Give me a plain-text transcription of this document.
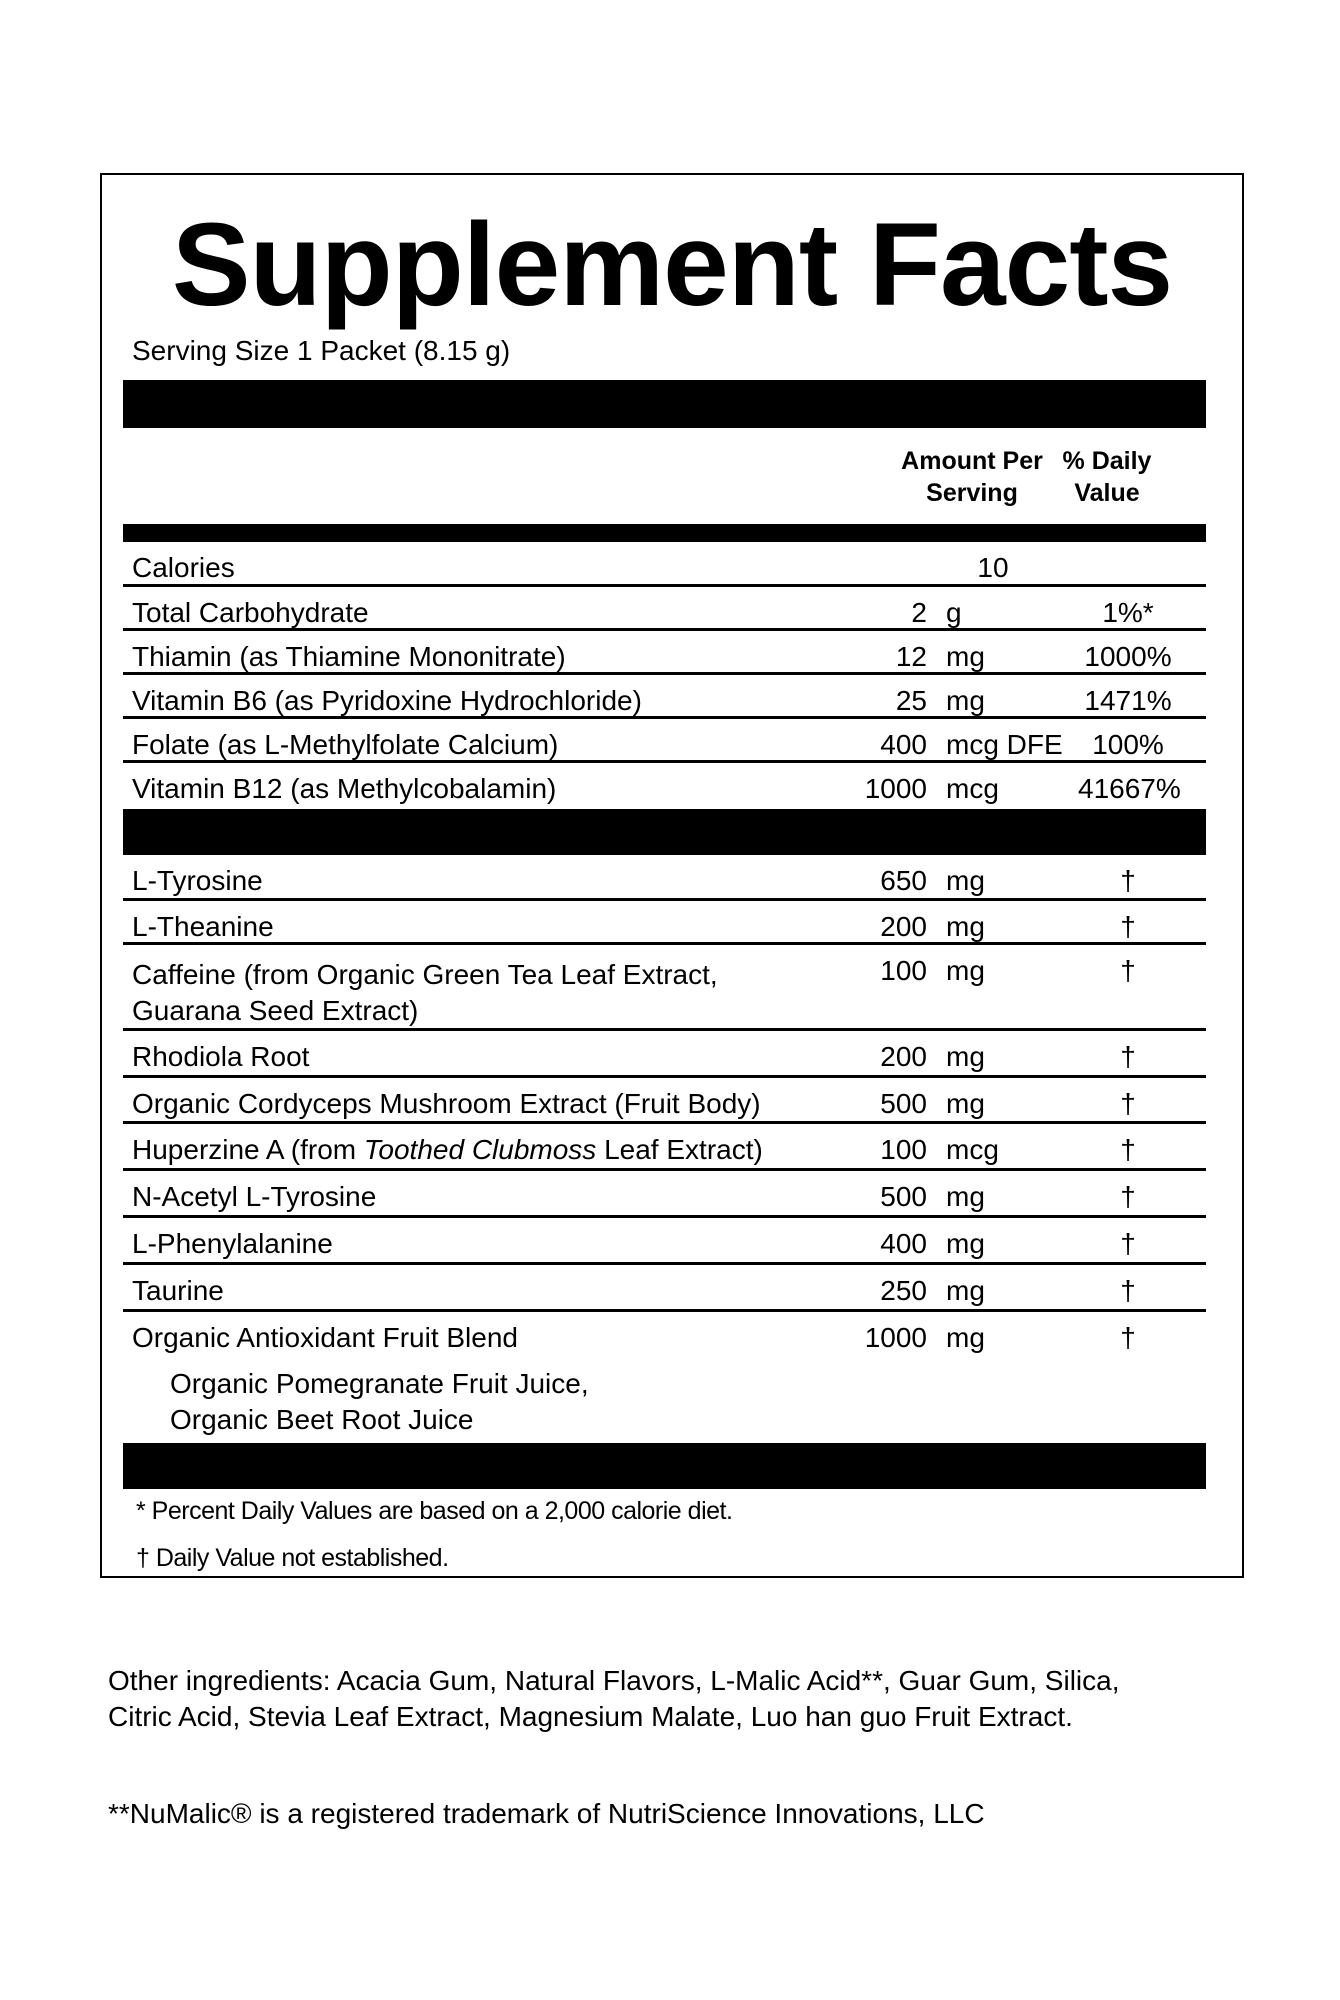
Supplement Facts
Serving Size 1 Packet (8.15 g)
Amount Per
Serving
% Daily
Value
Calories	10
Total Carbohydrate	2 g	1%*
Thiamin (as Thiamine Mononitrate)	12 mg	1000%
Vitamin B6 (as Pyridoxine Hydrochloride)	25 mg	1471%
Folate (as L-Methylfolate Calcium)	400 mcg DFE	100%
Vitamin B12 (as Methylcobalamin)	1000 mcg	41667%
L-Tyrosine	650 mg	†
L-Theanine	200 mg	†
Caffeine (from Organic Green Tea Leaf Extract,
Guarana Seed Extract)
100 mg	†
Rhodiola Root	200 mg	†
Organic Cordyceps Mushroom Extract (Fruit Body)	500 mg	†
Huperzine A (from Toothed Clubmoss Leaf Extract)	100 mcg	†
N-Acetyl L-Tyrosine	500 mg	†
L-Phenylalanine	400 mg	†
Taurine	250 mg	†
Organic Antioxidant Fruit Blend	1000 mg	†
Organic Pomegranate Fruit Juice,
Organic Beet Root Juice
* Percent Daily Values are based on a 2,000 calorie diet.
† Daily Value not established.
Other ingredients: Acacia Gum, Natural Flavors, L-Malic Acid**, Guar Gum, Silica,
Citric Acid, Stevia Leaf Extract, Magnesium Malate, Luo han guo Fruit Extract.
**NuMalic® is a registered trademark of NutriScience Innovations, LLC
